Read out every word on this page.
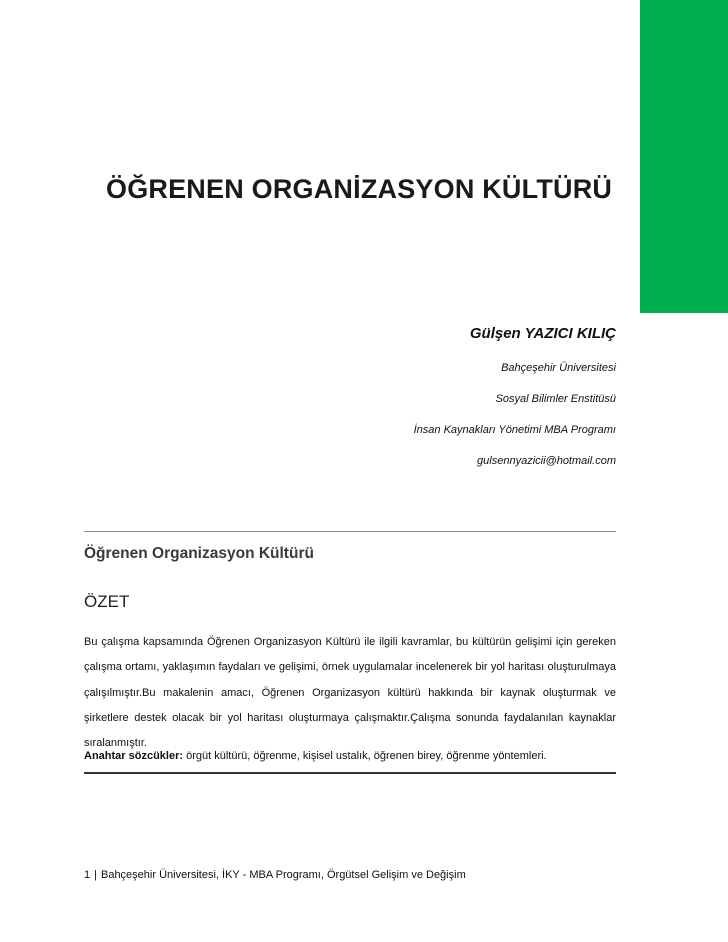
ÖĞRENEN ORGANİZASYON KÜLTÜRÜ

Gülşen YAZICI KILIÇ

Bahçeşehir Üniversitesi

Sosyal Bilimler Enstitüsü

İnsan Kaynakları Yönetimi MBA Programı

gulsennyazicii@hotmail.com

Öğrenen Organizasyon Kültürü
ÖZET

Bu çalışma kapsamında Öğrenen Organizasyon Kültürü ile ilgili kavramlar, bu kültürün gelişimi için gereken çalışma ortamı, yaklaşımın faydaları ve gelişimi, örnek uygulamalar incelenerek bir yol haritası oluşturulmaya çalışılmıştır.Bu makalenin amacı, Öğrenen Organizasyon kültürü hakkında bir kaynak oluşturmak ve şirketlere destek olacak bir yol haritası oluşturmaya çalışmaktır.Çalışma sonunda faydalanılan kaynaklar sıralanmıştır.

Anahtar sözcükler: örgüt kültürü, öğrenme, kişisel ustalık, öğrenen birey, öğrenme yöntemleri.

1 | Bahçeşehir Üniversitesi, İKY - MBA Programı, Örgütsel Gelişim ve Değişim
